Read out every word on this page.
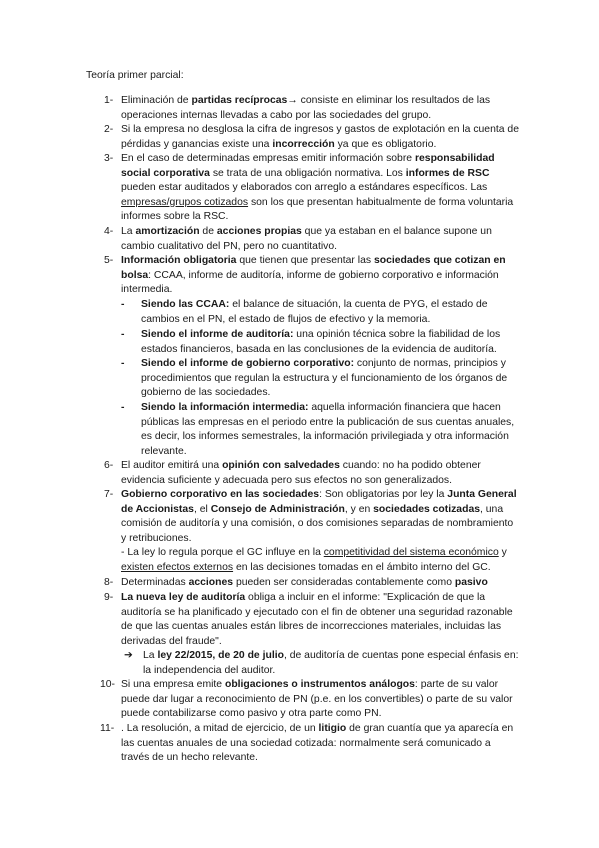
Teoría primer parcial:
1- Eliminación de partidas recíprocas→ consiste en eliminar los resultados de las operaciones internas llevadas a cabo por las sociedades del grupo.
2- Si la empresa no desglosa la cifra de ingresos y gastos de explotación en la cuenta de pérdidas y ganancias existe una incorrección ya que es obligatorio.
3- En el caso de determinadas empresas emitir información sobre responsabilidad social corporativa se trata de una obligación normativa. Los informes de RSC pueden estar auditados y elaborados con arreglo a estándares específicos. Las empresas/grupos cotizados son los que presentan habitualmente de forma voluntaria informes sobre la RSC.
4- La amortización de acciones propias que ya estaban en el balance supone un cambio cualitativo del PN, pero no cuantitativo.
5- Información obligatoria que tienen que presentar las sociedades que cotizan en bolsa: CCAA, informe de auditoría, informe de gobierno corporativo e información intermedia.
- Siendo las CCAA: el balance de situación, la cuenta de PYG, el estado de cambios en el PN, el estado de flujos de efectivo y la memoria.
- Siendo el informe de auditoría: una opinión técnica sobre la fiabilidad de los estados financieros, basada en las conclusiones de la evidencia de auditoría.
- Siendo el informe de gobierno corporativo: conjunto de normas, principios y procedimientos que regulan la estructura y el funcionamiento de los órganos de gobierno de las sociedades.
- Siendo la información intermedia: aquella información financiera que hacen públicas las empresas en el periodo entre la publicación de sus cuentas anuales, es decir, los informes semestrales, la información privilegiada y otra información relevante.
6- El auditor emitirá una opinión con salvedades cuando: no ha podido obtener evidencia suficiente y adecuada pero sus efectos no son generalizados.
7- Gobierno corporativo en las sociedades: Son obligatorias por ley la Junta General de Accionistas, el Consejo de Administración, y en sociedades cotizadas, una comisión de auditoría y una comisión, o dos comisiones separadas de nombramiento y retribuciones.
- La ley lo regula porque el GC influye en la competitividad del sistema económico y existen efectos externos en las decisiones tomadas en el ámbito interno del GC.
8- Determinadas acciones pueden ser consideradas contablemente como pasivo
9- La nueva ley de auditoría obliga a incluir en el informe: "Explicación de que la auditoría se ha planificado y ejecutado con el fin de obtener una seguridad razonable de que las cuentas anuales están libres de incorrecciones materiales, incluidas las derivadas del fraude".
➔ La ley 22/2015, de 20 de julio, de auditoría de cuentas pone especial énfasis en: la independencia del auditor.
10- Si una empresa emite obligaciones o instrumentos análogos: parte de su valor puede dar lugar a reconocimiento de PN (p.e. en los convertibles) o parte de su valor puede contabilizarse como pasivo y otra parte como PN.
11- . La resolución, a mitad de ejercicio, de un litigio de gran cuantía que ya aparecía en las cuentas anuales de una sociedad cotizada: normalmente será comunicado a través de un hecho relevante.
